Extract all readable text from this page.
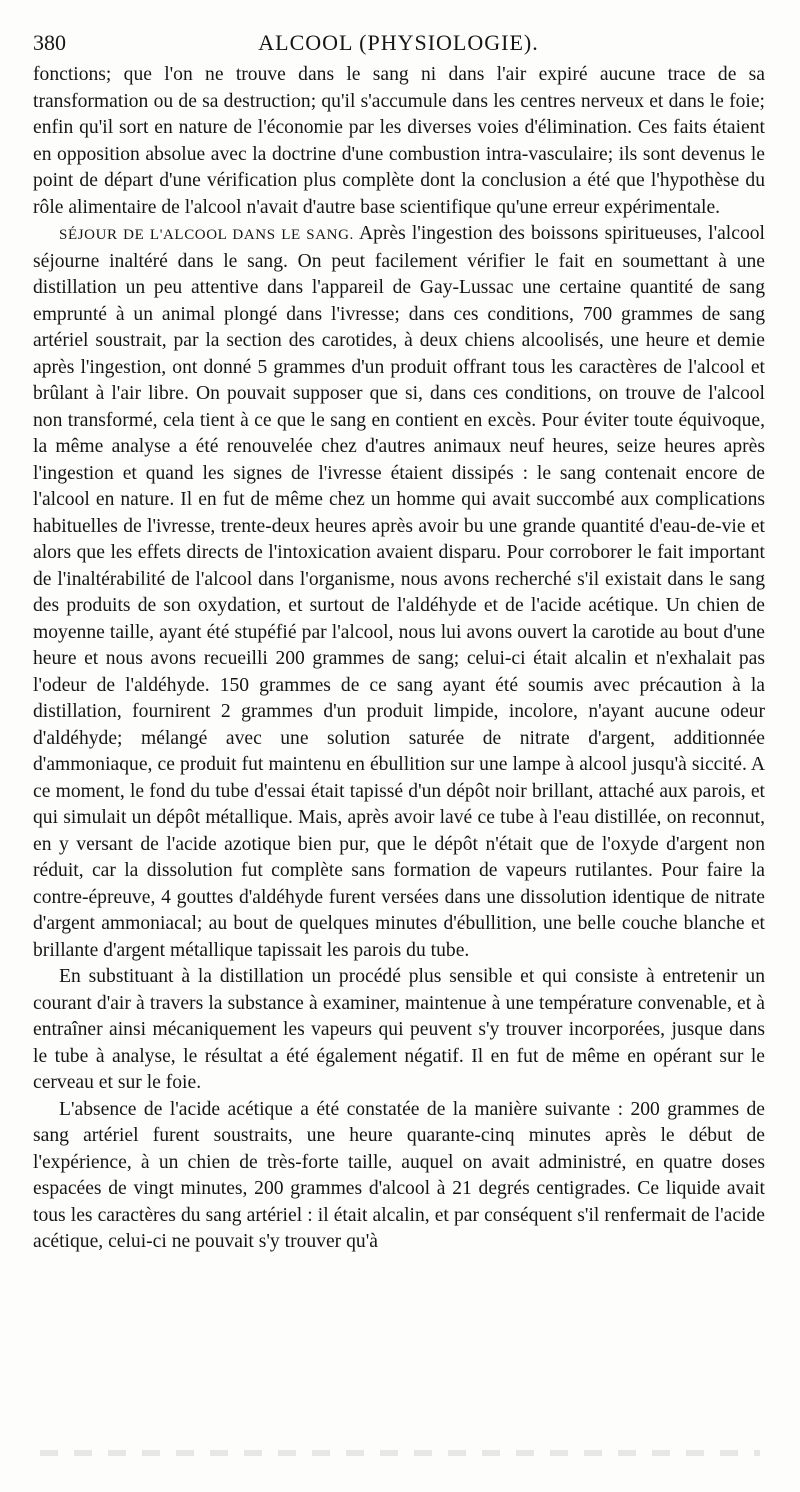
380	ALCOOL (PHYSIOLOGIE).

fonctions; que l'on ne trouve dans le sang ni dans l'air expiré aucune trace de sa transformation ou de sa destruction; qu'il s'accumule dans les centres nerveux et dans le foie; enfin qu'il sort en nature de l'économie par les diverses voies d'élimination. Ces faits étaient en opposition absolue avec la doctrine d'une combustion intra-vasculaire; ils sont devenus le point de départ d'une vérification plus complète dont la conclusion a été que l'hypothèse du rôle alimentaire de l'alcool n'avait d'autre base scientifique qu'une erreur expérimentale.

SÉJOUR DE L'ALCOOL DANS LE SANG. Après l'ingestion des boissons spiritueuses, l'alcool séjourne inaltéré dans le sang. On peut facilement vérifier le fait en soumettant à une distillation un peu attentive dans l'appareil de Gay-Lussac une certaine quantité de sang emprunté à un animal plongé dans l'ivresse; dans ces conditions, 700 grammes de sang artériel soustrait, par la section des carotides, à deux chiens alcoolisés, une heure et demie après l'ingestion, ont donné 5 grammes d'un produit offrant tous les caractères de l'alcool et brûlant à l'air libre. On pouvait supposer que si, dans ces conditions, on trouve de l'alcool non transformé, cela tient à ce que le sang en contient en excès. Pour éviter toute équivoque, la même analyse a été renouvelée chez d'autres animaux neuf heures, seize heures après l'ingestion et quand les signes de l'ivresse étaient dissipés : le sang contenait encore de l'alcool en nature. Il en fut de même chez un homme qui avait succombé aux complications habituelles de l'ivresse, trente-deux heures après avoir bu une grande quantité d'eau-de-vie et alors que les effets directs de l'intoxication avaient disparu. Pour corroborer le fait important de l'inaltérabilité de l'alcool dans l'organisme, nous avons recherché s'il existait dans le sang des produits de son oxydation, et surtout de l'aldéhyde et de l'acide acétique. Un chien de moyenne taille, ayant été stupéfié par l'alcool, nous lui avons ouvert la carotide au bout d'une heure et nous avons recueilli 200 grammes de sang; celui-ci était alcalin et n'exhalait pas l'odeur de l'aldéhyde. 150 grammes de ce sang ayant été soumis avec précaution à la distillation, fournirent 2 grammes d'un produit limpide, incolore, n'ayant aucune odeur d'aldéhyde; mélangé avec une solution saturée de nitrate d'argent, additionnée d'ammoniaque, ce produit fut maintenu en ébullition sur une lampe à alcool jusqu'à siccité. A ce moment, le fond du tube d'essai était tapissé d'un dépôt noir brillant, attaché aux parois, et qui simulait un dépôt métallique. Mais, après avoir lavé ce tube à l'eau distillée, on reconnut, en y versant de l'acide azotique bien pur, que le dépôt n'était que de l'oxyde d'argent non réduit, car la dissolution fut complète sans formation de vapeurs rutilantes. Pour faire la contre-épreuve, 4 gouttes d'aldéhyde furent versées dans une dissolution identique de nitrate d'argent ammoniacal; au bout de quelques minutes d'ébullition, une belle couche blanche et brillante d'argent métallique tapissait les parois du tube.

En substituant à la distillation un procédé plus sensible et qui consiste à entretenir un courant d'air à travers la substance à examiner, maintenue à une température convenable, et à entraîner ainsi mécaniquement les vapeurs qui peuvent s'y trouver incorporées, jusque dans le tube à analyse, le résultat a été également négatif. Il en fut de même en opérant sur le cerveau et sur le foie.

L'absence de l'acide acétique a été constatée de la manière suivante : 200 grammes de sang artériel furent soustraits, une heure quarante-cinq minutes après le début de l'expérience, à un chien de très-forte taille, auquel on avait administré, en quatre doses espacées de vingt minutes, 200 grammes d'alcool à 21 degrés centigrades. Ce liquide avait tous les caractères du sang artériel : il était alcalin, et par conséquent s'il renfermait de l'acide acétique, celui-ci ne pouvait s'y trouver qu'à
